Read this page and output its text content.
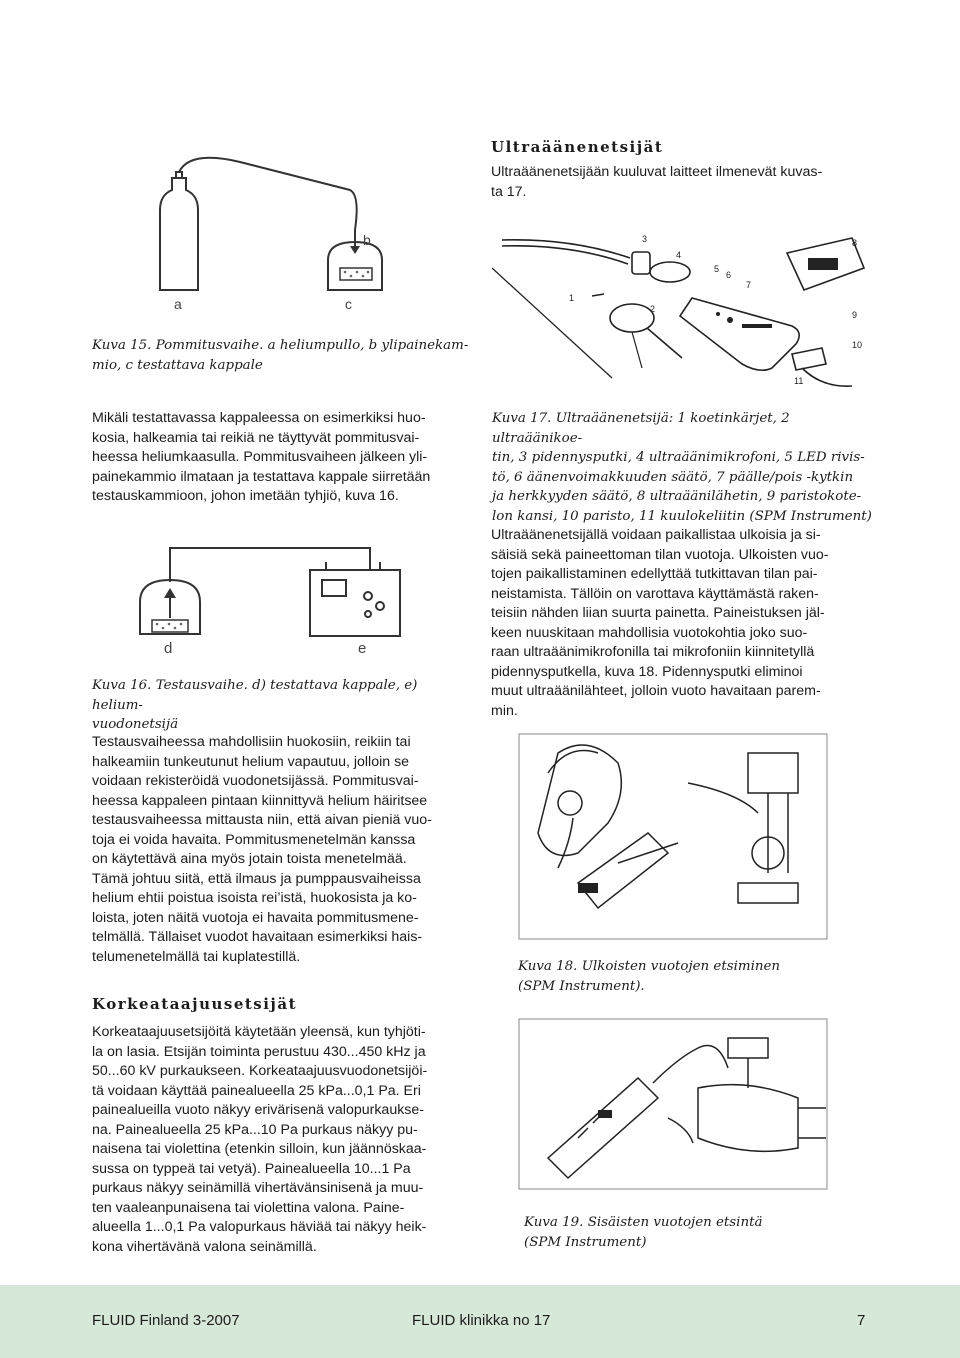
a
b
c

Kuva 15. Pommitusvaihe. a heliumpullo, b ylipainekam-
mio, c testattava kappale

Mikäli testattavassa kappaleessa on esimerkiksi huo-
kosia, halkeamia tai reikiä ne täyttyvät pommitusvai-
heessa heliumkaasulla. Pommitusvaiheen jälkeen yli-
painekammio ilmataan ja testattava kappale siirretään
testauskammioon, johon imetään tyhjiö, kuva 16.

d	e

Kuva 16. Testausvaihe. d) testattava kappale, e) helium-
vuodonetsijä

Testausvaiheessa mahdollisiin huokosiin, reikiin tai
halkeamiin tunkeutunut helium vapautuu, jolloin se
voidaan rekisteröidä vuodonetsijässä. Pommitusvai-
heessa kappaleen pintaan kiinnittyvä helium häiritsee
testausvaiheessa mittausta niin, että aivan pieniä vuo-
toja ei voida havaita. Pommitusmenetelmän kanssa
on käytettävä aina myös jotain toista menetelmää.
Tämä johtuu siitä, että ilmaus ja pumppausvaiheissa
helium ehtii poistua isoista rei’istä, huokosista ja ko-
loista, joten näitä vuotoja ei havaita pommitusmene-
telmällä. Tällaiset vuodot havaitaan esimerkiksi hais-
telumenetelmällä tai kuplatestillä.

Korkeataajuusetsijät

Korkeataajuusetsijöitä käytetään yleensä, kun tyhjöti-
la on lasia. Etsijän toiminta perustuu 430...450 kHz ja
50...60 kV purkaukseen. Korkeataajuusvuodonetsijöi-
tä voidaan käyttää painealueella 25 kPa...0,1 Pa. Eri
painealueilla vuoto näkyy erivärisenä valopurkaukse-
na. Painealueella 25 kPa...10 Pa purkaus näkyy pu-
naisena tai violettina (etenkin silloin, kun jäännöskaa-
sussa on typpeä tai vetyä). Painealueella 10...1 Pa
purkaus näkyy seinämillä vihertävänsinisenä ja muu-
ten vaaleanpunaisena tai violettina valona. Paine-
alueella 1...0,1 Pa valopurkaus häviää tai näkyy heik-
kona vihertävänä valona seinämillä.

Ultraäänenetsijät

Ultraäänenetsijään kuuluvat laitteet ilmenevät kuvas-
ta 17.

1
2
3
4
5
6
7
8
9
10
11

Kuva 17. Ultraäänenetsijä: 1 koetinkärjet, 2 ultraäänikoe-
tin, 3 pidennysputki, 4 ultraäänimikrofoni, 5 LED rivis-
tö, 6 äänenvoimakkuuden säätö, 7 päälle/pois -kytkin
ja herkkyyden säätö, 8 ultraäänilähetin, 9 paristokote-
lon kansi, 10 paristo, 11 kuulokeliitin (SPM Instrument)

Ultraäänenetsijällä voidaan paikallistaa ulkoisia ja si-
säisiä sekä paineettoman tilan vuotoja. Ulkoisten vuo-
tojen paikallistaminen edellyttää tutkittavan tilan pai-
neistamista. Tällöin on varottava käyttämästä raken-
teisiin nähden liian suurta painetta. Paineistuksen jäl-
keen nuuskitaan mahdollisia vuotokohtia joko suo-
raan ultraäänimikrofonilla tai mikrofoniin kiinnitetyllä
pidennysputkella, kuva 18. Pidennysputki eliminoi
muut ultraäänilähteet, jolloin vuoto havaitaan parem-
min.

Kuva 18. Ulkoisten vuotojen etsiminen
(SPM Instrument).

Kuva 19. Sisäisten vuotojen etsintä
(SPM Instrument)

FLUID Finland 3-2007	FLUID klinikka no 17	7
